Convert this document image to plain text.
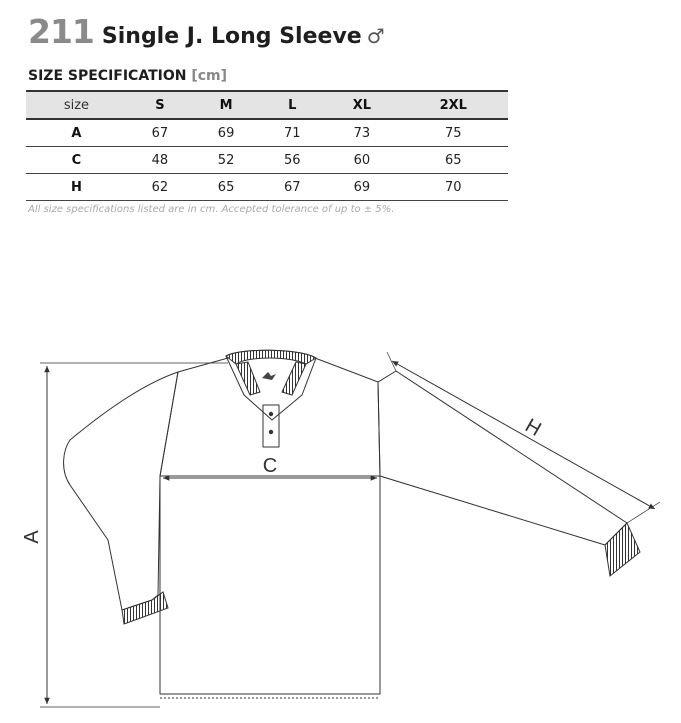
211 Single J. Long Sleeve ♂
SIZE SPECIFICATION [cm]
size	S	M	L	XL	2XL
A	67	69	71	73	75
C	48	52	56	60	65
H	62	65	67	69	70
All size specifications listed are in cm. Accepted tolerance of up to ± 5%.
A
C
H
